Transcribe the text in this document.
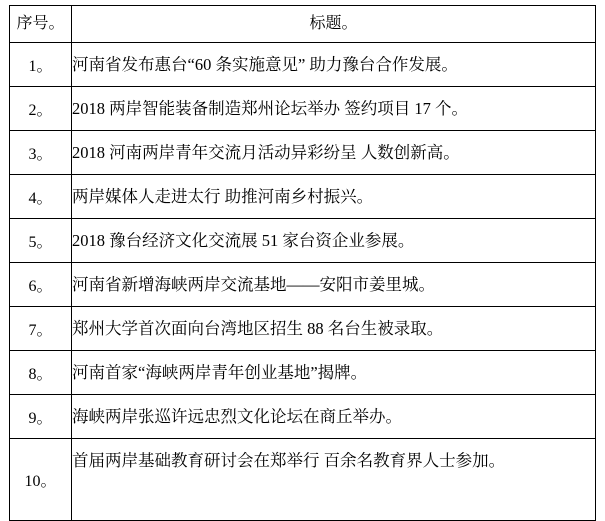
序号。	标题。
1。	河南省发布惠台“60 条实施意见” 助力豫台合作发展。

2。	2018 两岸智能装备制造郑州论坛举办 签约项目 17 个。

3。	2018 河南两岸青年交流月活动异彩纷呈 人数创新高。

4。	两岸媒体人走进太行 助推河南乡村振兴。

5。	2018 豫台经济文化交流展 51 家台资企业参展。

6。	河南省新增海峡两岸交流基地——安阳市姜里城。

7。	郑州大学首次面向台湾地区招生 88 名台生被录取。

8。	河南首家“海峡两岸青年创业基地”揭牌。

9。	海峡两岸张巡许远忠烈文化论坛在商丘举办。

10。	首届两岸基础教育研讨会在郑举行 百余名教育界人士参加。
